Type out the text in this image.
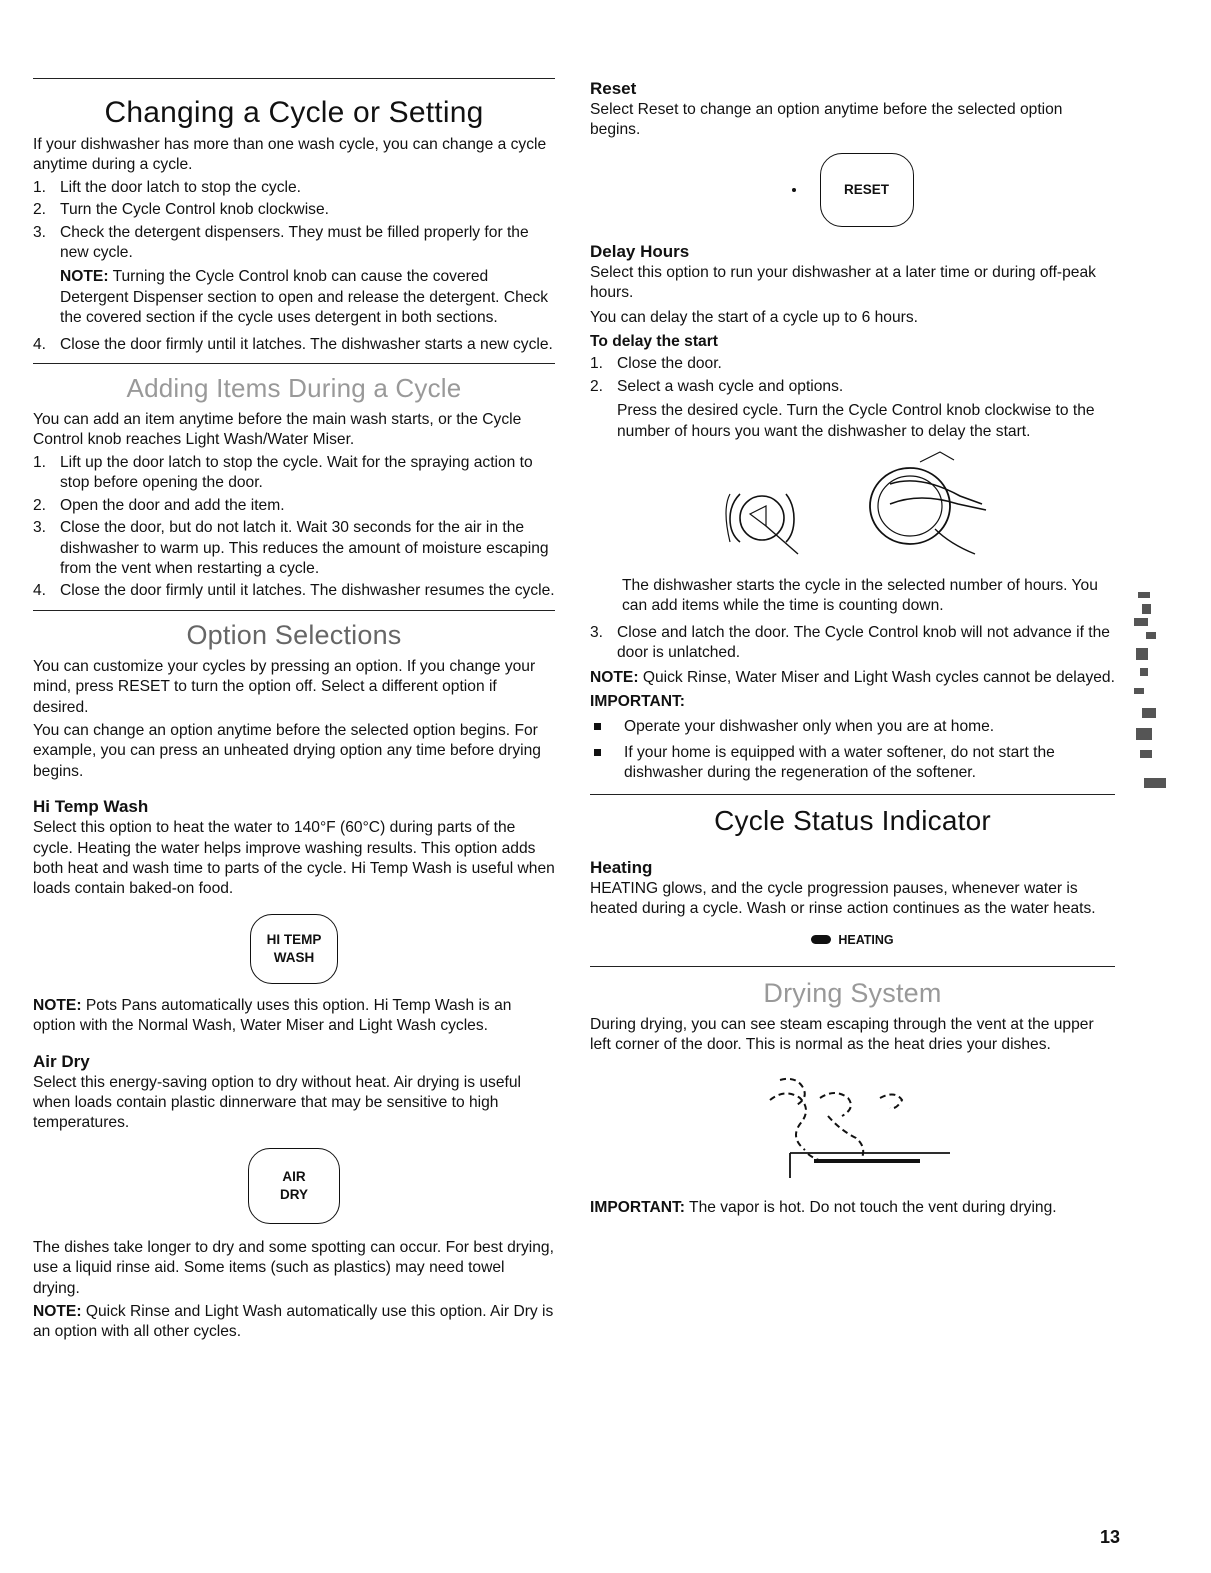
Changing a Cycle or Setting

If your dishwasher has more than one wash cycle, you can change a cycle anytime during a cycle.

1. Lift the door latch to stop the cycle.
2. Turn the Cycle Control knob clockwise.
3. Check the detergent dispensers. They must be filled properly for the new cycle.
NOTE: Turning the Cycle Control knob can cause the covered Detergent Dispenser section to open and release the detergent. Check the covered section if the cycle uses detergent in both sections.
4. Close the door firmly until it latches. The dishwasher starts a new cycle.
Adding Items During a Cycle

You can add an item anytime before the main wash starts, or the Cycle Control knob reaches Light Wash/Water Miser.

1. Lift up the door latch to stop the cycle. Wait for the spraying action to stop before opening the door.
2. Open the door and add the item.
3. Close the door, but do not latch it. Wait 30 seconds for the air in the dishwasher to warm up. This reduces the amount of moisture escaping from the vent when restarting a cycle.
4. Close the door firmly until it latches. The dishwasher resumes the cycle.
Option Selections

You can customize your cycles by pressing an option. If you change your mind, press RESET to turn the option off. Select a different option if desired.

You can change an option anytime before the selected option begins. For example, you can press an unheated drying option any time before drying begins.

Hi Temp Wash

Select this option to heat the water to 140°F (60°C) during parts of the cycle. Heating the water helps improve washing results. This option adds both heat and wash time to parts of the cycle. Hi Temp Wash is useful when loads contain baked-on food.

HI TEMP
WASH

NOTE: Pots Pans automatically uses this option. Hi Temp Wash is an option with the Normal Wash, Water Miser and Light Wash cycles.

Air Dry

Select this energy-saving option to dry without heat. Air drying is useful when loads contain plastic dinnerware that may be sensitive to high temperatures.

AIR
DRY

The dishes take longer to dry and some spotting can occur. For best drying, use a liquid rinse aid. Some items (such as plastics) may need towel drying.

NOTE: Quick Rinse and Light Wash automatically use this option. Air Dry is an option with all other cycles.

Reset

Select Reset to change an option anytime before the selected option begins.

RESET
Delay Hours

Select this option to run your dishwasher at a later time or during off-peak hours.

You can delay the start of a cycle up to 6 hours.

To delay the start

1. Close the door.
2. Select a wash cycle and options.
Press the desired cycle. Turn the Cycle Control knob clockwise to the number of hours you want the dishwasher to delay the start.
The dishwasher starts the cycle in the selected number of hours. You can add items while the time is counting down.
3. Close and latch the door. The Cycle Control knob will not advance if the door is unlatched.

NOTE: Quick Rinse, Water Miser and Light Wash cycles cannot be delayed.

IMPORTANT:

Operate your dishwasher only when you are at home.
If your home is equipped with a water softener, do not start the dishwasher during the regeneration of the softener.
Cycle Status Indicator
Heating

HEATING glows, and the cycle progression pauses, whenever water is heated during a cycle. Wash or rinse action continues as the water heats.

HEATING
Drying System

During drying, you can see steam escaping through the vent at the upper left corner of the door. This is normal as the heat dries your dishes.

IMPORTANT: The vapor is hot. Do not touch the vent during drying.

13
